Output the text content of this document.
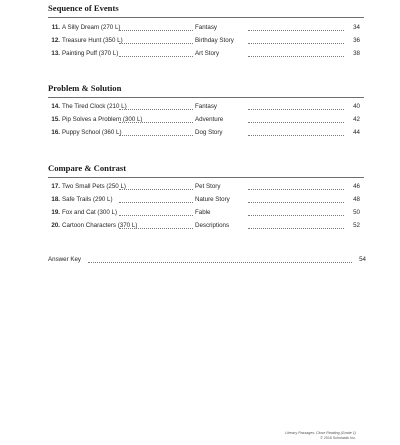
Sequence of Events
11. A Silly Dream (270 L)	Fantasy	34
12. Treasure Hunt (350 L)	Birthday Story	36
13. Painting Puff (370 L)	Art Story	38
Problem & Solution
14. The Tired Clock (210 L)	Fantasy	40
15. Pip Solves a Problem (300 L)	Adventure	42
16. Puppy School (360 L)	Dog Story	44
Compare & Contrast
17. Two Small Pets (250 L)	Pet Story	46
18. Safe Trails (290 L)	Nature Story	48
19. Fox and Cat (300 L)	Fable	50
20. Cartoon Characters (370 L)	Descriptions	52
Answer Key	54
Literary Passages: Close Reading (Grade 1)
© 2016 Scholastic Inc.
